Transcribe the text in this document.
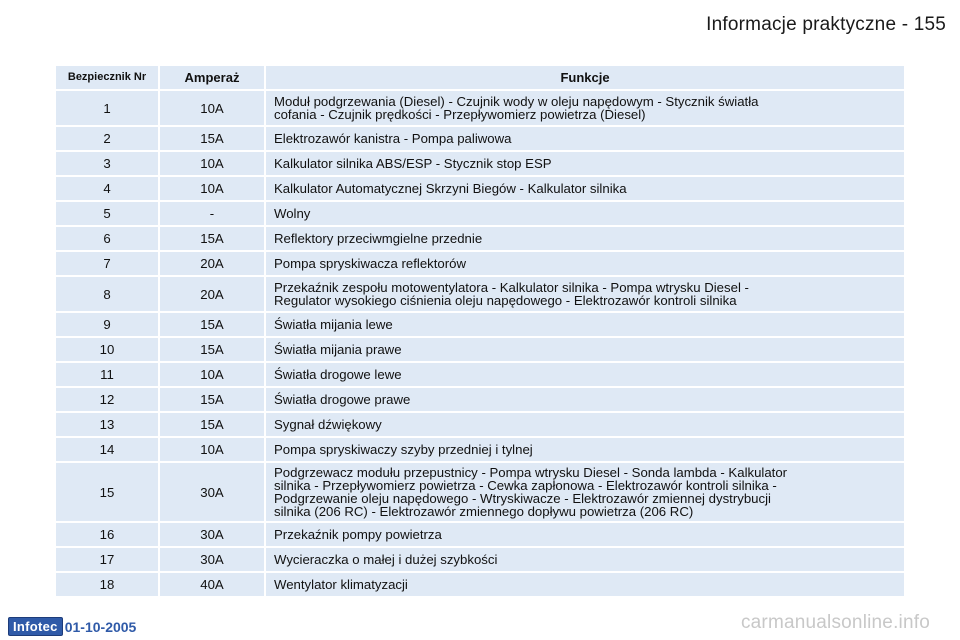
Informacje praktyczne - 155
Bezpiecznik Nr	Amperaż	Funkcje
1	10A	Moduł podgrzewania (Diesel) - Czujnik wody w oleju napędowym - Stycznik światła
cofania - Czujnik prędkości - Przepływomierz powietrza (Diesel)
2	15A	Elektrozawór kanistra - Pompa paliwowa
3	10A	Kalkulator silnika ABS/ESP - Stycznik stop ESP
4	10A	Kalkulator Automatycznej Skrzyni Biegów - Kalkulator silnika
5	-	Wolny
6	15A	Reflektory przeciwmgielne przednie
7	20A	Pompa spryskiwacza reflektorów
8	20A	Przekaźnik zespołu motowentylatora - Kalkulator silnika - Pompa wtrysku Diesel -
Regulator wysokiego ciśnienia oleju napędowego - Elektrozawór kontroli silnika
9	15A	Światła mijania lewe
10	15A	Światła mijania prawe
11	10A	Światła drogowe lewe
12	15A	Światła drogowe prawe
13	15A	Sygnał dźwiękowy
14	10A	Pompa spryskiwaczy szyby przedniej i tylnej
15	30A
Podgrzewacz modułu przepustnicy - Pompa wtrysku Diesel - Sonda lambda - Kalkulator
silnika - Przepływomierz powietrza - Cewka zapłonowa - Elektrozawór kontroli silnika -
Podgrzewanie oleju napędowego - Wtryskiwacze - Elektrozawór zmiennej dystrybucji
silnika (206 RC) - Elektrozawór zmiennego dopływu powietrza (206 RC)
16	30A	Przekaźnik pompy powietrza
17	30A	Wycieraczka o małej i dużej szybkości
18	40A	Wentylator klimatyzacji
Infotec 01-10-2005	carmanualsonline.info
